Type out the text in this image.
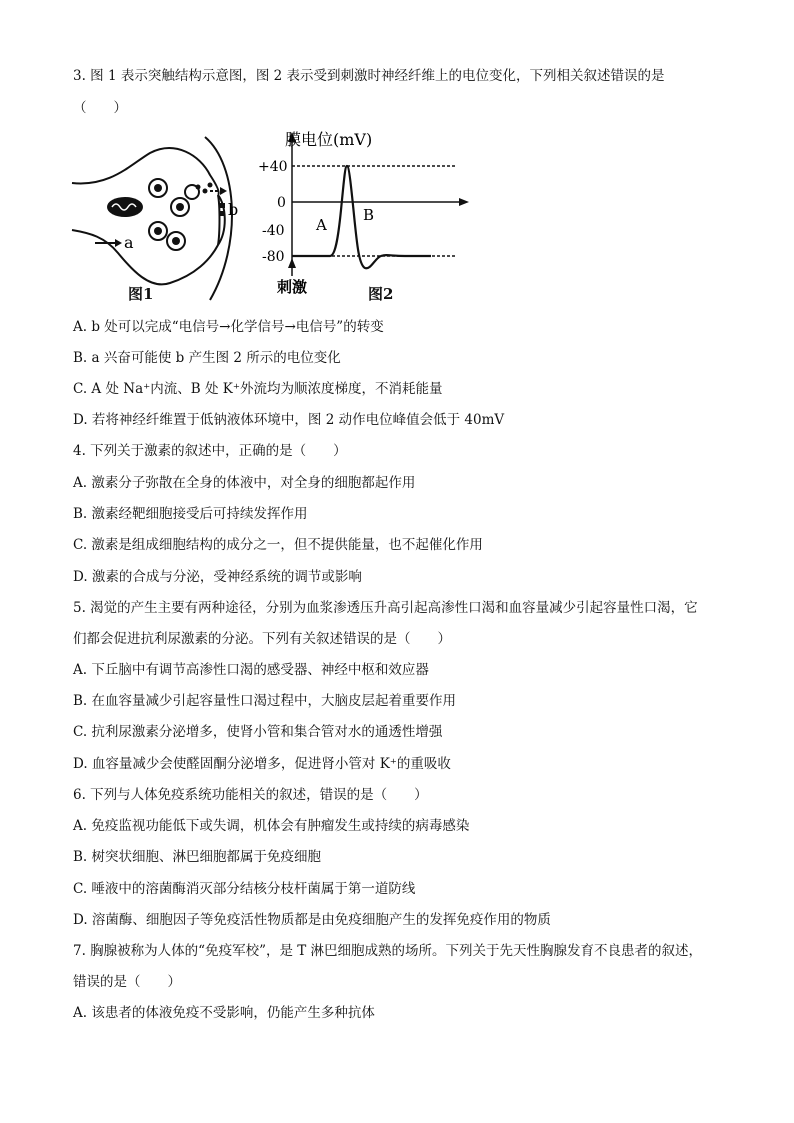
3. 图 1 表示突触结构示意图，图 2 表示受到刺激时神经纤维上的电位变化，下列相关叙述错误的是
（　　）
a
b
图1
膜电位(mV)
+40
0
-40
-80
A
B
刺激	图2
A. b 处可以完成“电信号→化学信号→电信号”的转变
B. a 兴奋可能使 b 产生图 2 所示的电位变化
C. A 处 Na⁺内流、B 处 K⁺外流均为顺浓度梯度，不消耗能量
D. 若将神经纤维置于低钠液体环境中，图 2 动作电位峰值会低于 40mV
4. 下列关于激素的叙述中，正确的是（　　）
A. 激素分子弥散在全身的体液中，对全身的细胞都起作用
B. 激素经靶细胞接受后可持续发挥作用
C. 激素是组成细胞结构的成分之一，但不提供能量，也不起催化作用
D. 激素的合成与分泌，受神经系统的调节或影响
5. 渴觉的产生主要有两种途径，分别为血浆渗透压升高引起高渗性口渴和血容量减少引起容量性口渴，它
们都会促进抗利尿激素的分泌。下列有关叙述错误的是（　　）
A. 下丘脑中有调节高渗性口渴的感受器、神经中枢和效应器
B. 在血容量减少引起容量性口渴过程中，大脑皮层起着重要作用
C. 抗利尿激素分泌增多，使肾小管和集合管对水的通透性增强
D. 血容量减少会使醛固酮分泌增多，促进肾小管对 K⁺的重吸收
6. 下列与人体免疫系统功能相关的叙述，错误的是（　　）
A. 免疫监视功能低下或失调，机体会有肿瘤发生或持续的病毒感染
B. 树突状细胞、淋巴细胞都属于免疫细胞
C. 唾液中的溶菌酶消灭部分结核分枝杆菌属于第一道防线
D. 溶菌酶、细胞因子等免疫活性物质都是由免疫细胞产生的发挥免疫作用的物质
7. 胸腺被称为人体的“免疫军校”，是 T 淋巴细胞成熟的场所。下列关于先天性胸腺发育不良患者的叙述，
错误的是（　　）
A. 该患者的体液免疫不受影响，仍能产生多种抗体
